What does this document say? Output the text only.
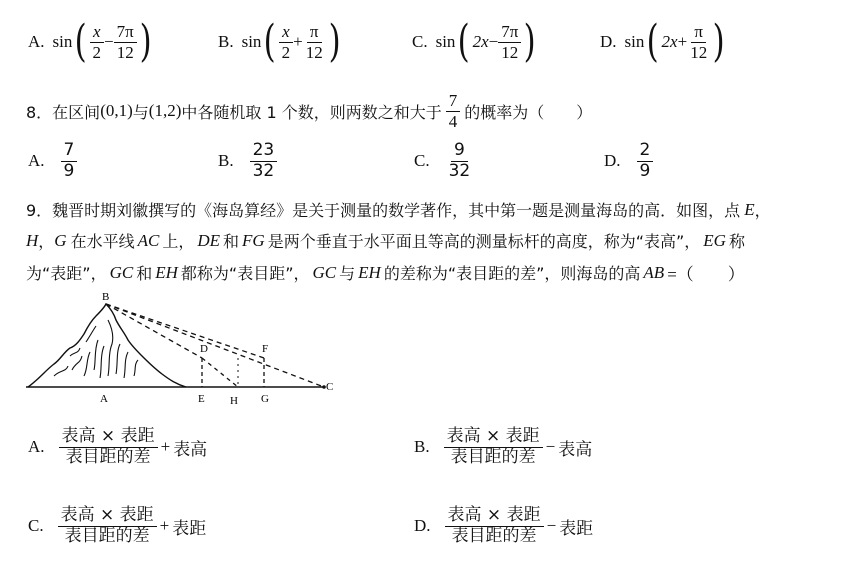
A. sin ( $\frac{x}{2} - \frac{7\pi}{12}$ )	B. sin ( $\frac{x}{2} + \frac{\pi}{12}$ )	C. sin ( $2x - \frac{7\pi}{12}$ )	D. sin ( $2x + \frac{\pi}{12}$ )
8．在区间 (0,1) 与 (1,2) 中各随机取 1 个数，则两数之和大于 $\frac{7}{4}$ 的概率为（　　）
A. $\frac{7}{9}$	B. $\frac{23}{32}$	C. $\frac{9}{32}$	D. $\frac{2}{9}$
9．魏晋时期刘徽撰写的《海岛算经》是关于测量的数学著作，其中第一题是测量海岛的高．如图，点 E ，
H ， G 在水平线 AC 上， DE 和 FG 是两个垂直于水平面且等高的测量标杆的高度，称为“表高”， EG 称
为“表距”， GC 和 EH 都称为“表目距”， GC 与 EH 的差称为“表目距的差”，则海岛的高 AB =（　　）
B
D	F
C
A	E H G
A. $\frac{\text{表高 × 表距}}{\text{表目距的差}}$ + 表高	B. $\frac{\text{表高 × 表距}}{\text{表目距的差}}$ − 表高
C. $\frac{\text{表高 × 表距}}{\text{表目距的差}}$ + 表距	D. $\frac{\text{表高 × 表距}}{\text{表目距的差}}$ − 表距
